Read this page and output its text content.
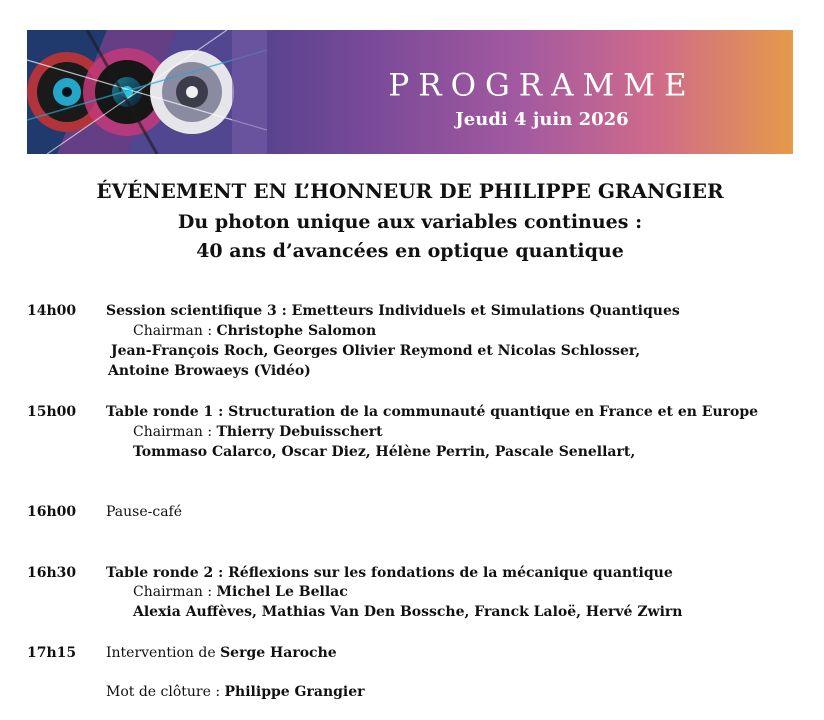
PROGRAMME
Jeudi 4 juin 2026
ÉVÉNEMENT EN L’HONNEUR DE PHILIPPE GRANGIER
Du photon unique aux variables continues :
40 ans d’avancées en optique quantique
14h00 Session scientifique 3 : Emetteurs Individuels et Simulations Quantiques
Chairman : Christophe Salomon
Jean-François Roch, Georges Olivier Reymond et Nicolas Schlosser,
Antoine Browaeys (Vidéo)
15h00 Table ronde 1 : Structuration de la communauté quantique en France et en Europe
Chairman : Thierry Debuisschert
Tommaso Calarco, Oscar Diez, Hélène Perrin, Pascale Senellart,
16h00 Pause-café
16h30 Table ronde 2 : Réflexions sur les fondations de la mécanique quantique
Chairman : Michel Le Bellac
Alexia Auffèves, Mathias Van Den Bossche, Franck Laloë, Hervé Zwirn
17h15 Intervention de Serge Haroche
Mot de clôture : Philippe Grangier
